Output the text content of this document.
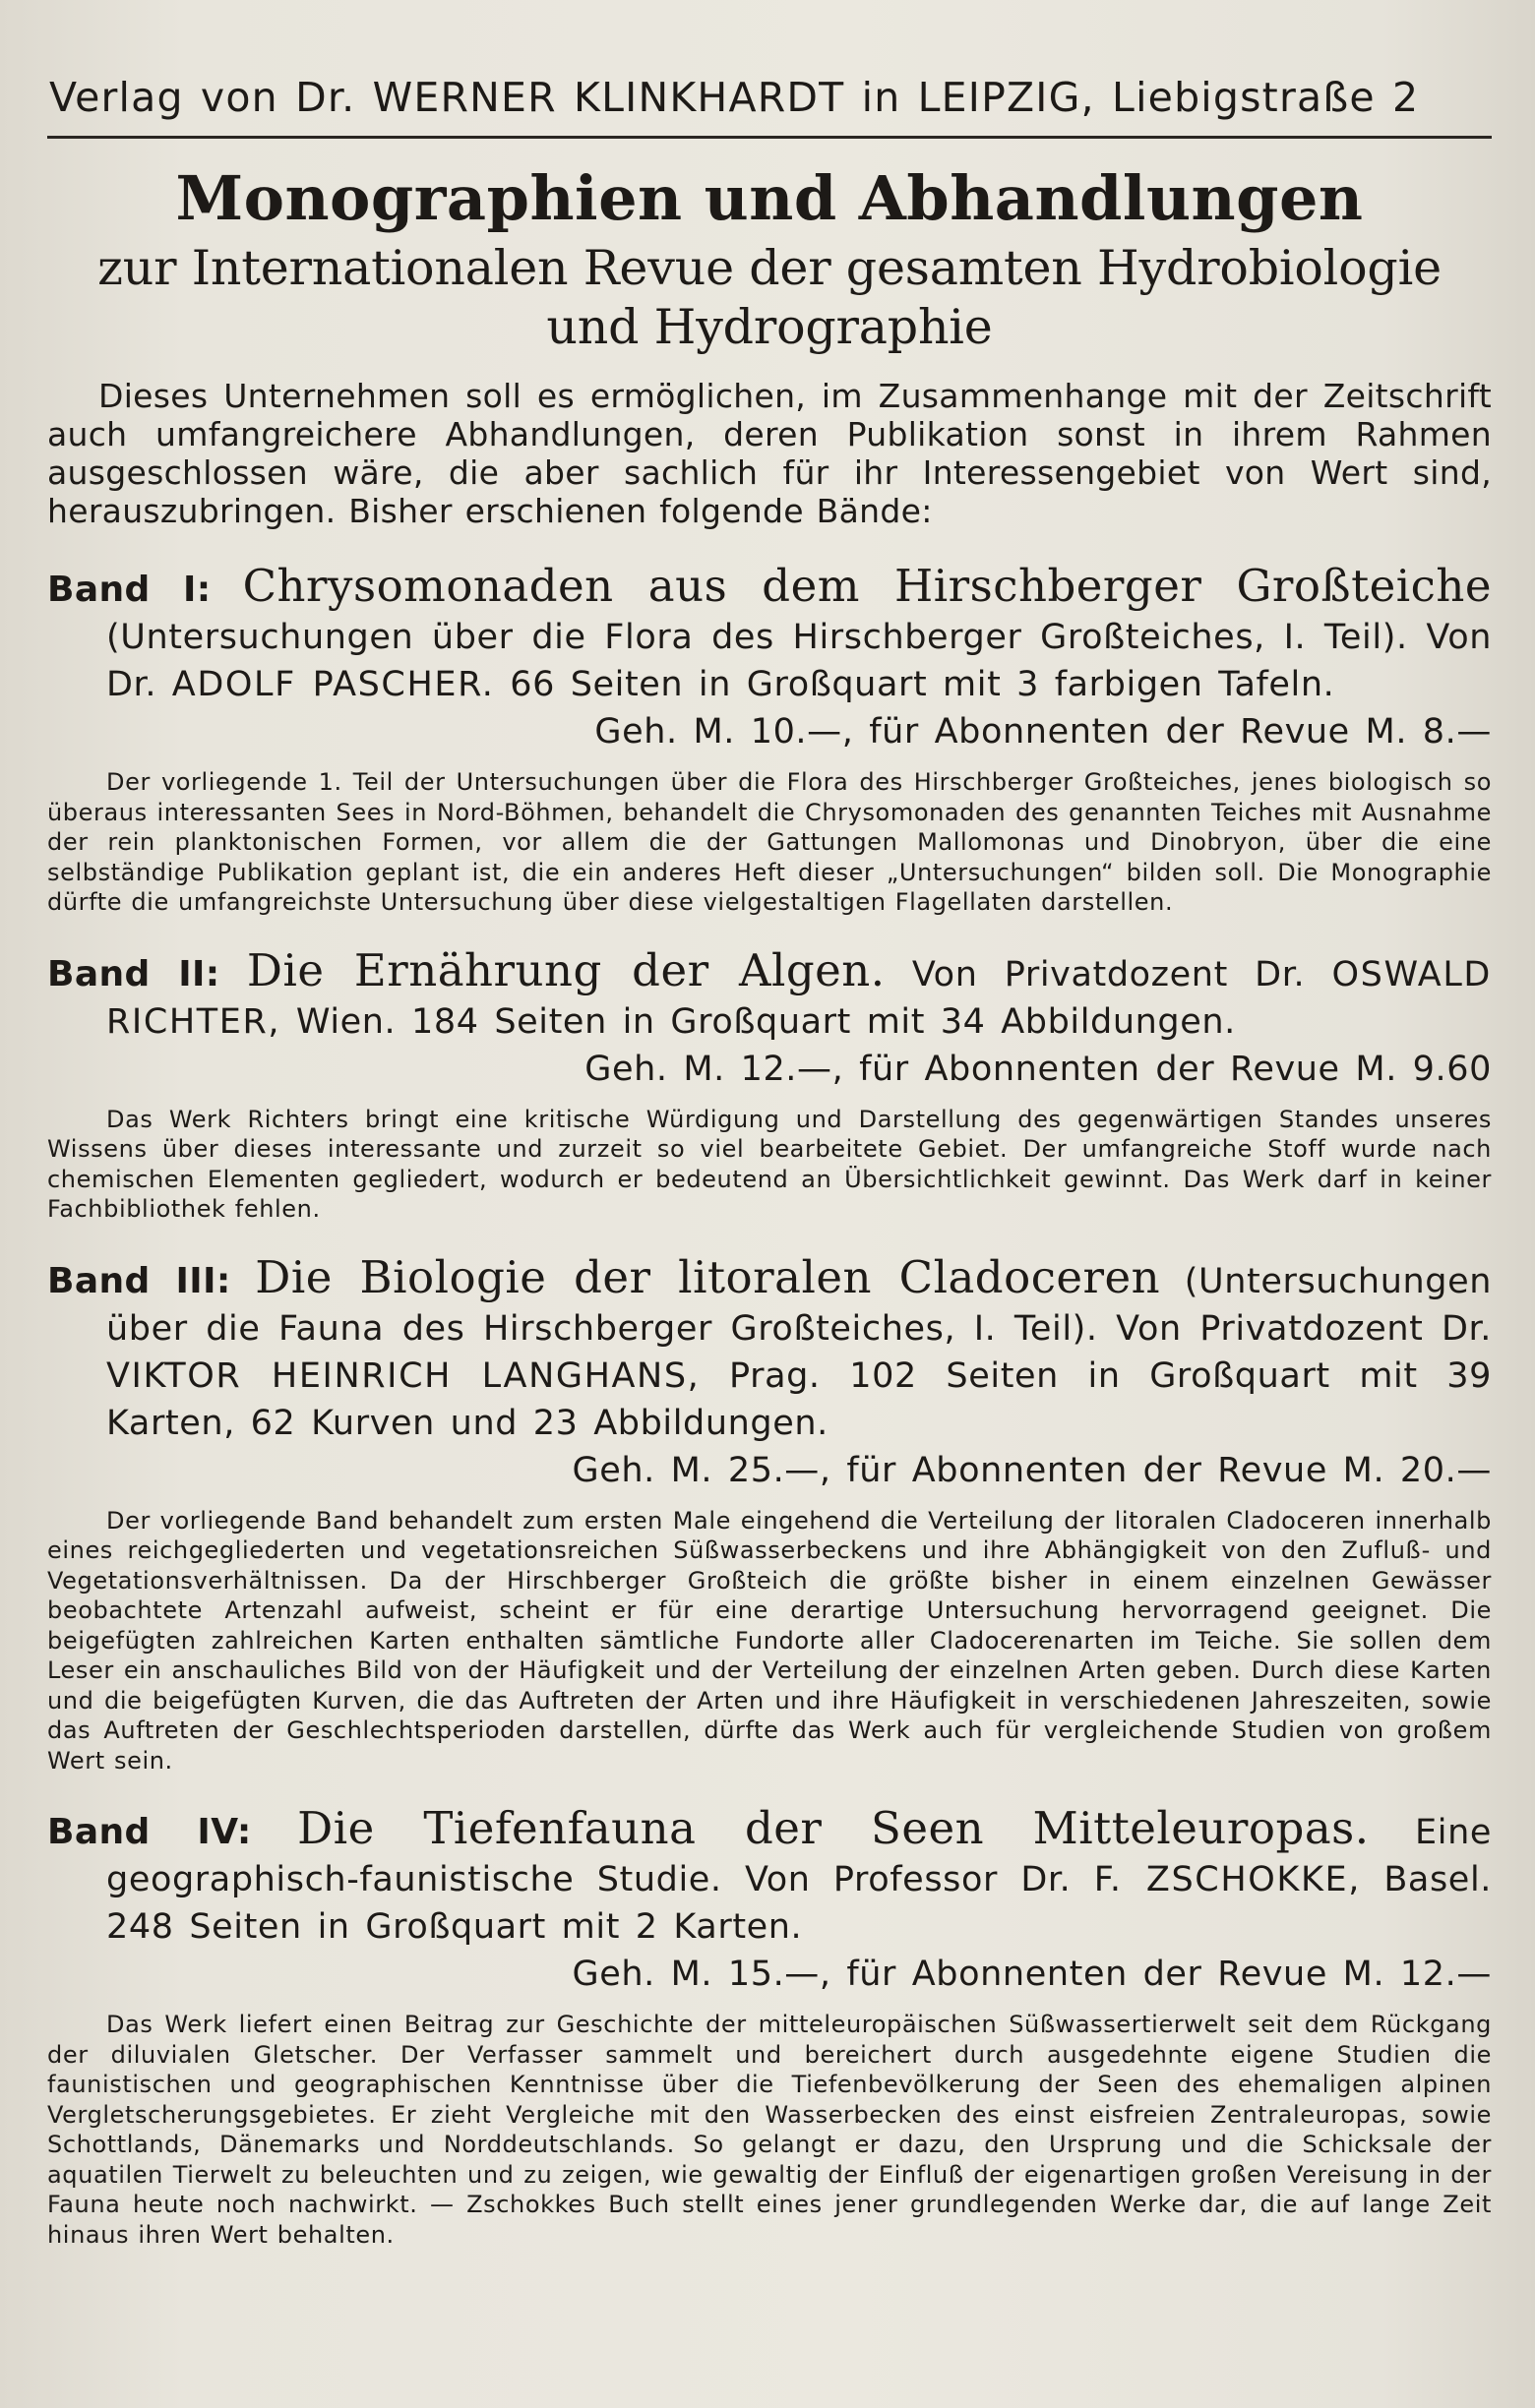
Verlag von Dr. WERNER KLINKHARDT in LEIPZIG, Liebigstraße 2
Monographien und Abhandlungen
zur Internationalen Revue der gesamten Hydrobiologie und Hydrographie

Dieses Unternehmen soll es ermöglichen, im Zusammenhange mit der Zeitschrift auch umfangreichere Abhandlungen, deren Publikation sonst in ihrem Rahmen ausgeschlossen wäre, die aber sachlich für ihr Interessengebiet von Wert sind, herauszubringen. Bisher erschienen folgende Bände:

Band I: Chrysomonaden aus dem Hirschberger Großteiche (Untersuchungen über die Flora des Hirschberger Großteiches, I. Teil). Von Dr. ADOLF PASCHER. 66 Seiten in Großquart mit 3 farbigen Tafeln.
Geh. M. 10.—, für Abonnenten der Revue M. 8.—

Der vorliegende 1. Teil der Untersuchungen über die Flora des Hirschberger Großteiches, jenes biologisch so überaus interessanten Sees in Nord-Böhmen, behandelt die Chrysomonaden des genannten Teiches mit Ausnahme der rein planktonischen Formen, vor allem die der Gattungen Mallomonas und Dinobryon, über die eine selbständige Publikation geplant ist, die ein anderes Heft dieser „Untersuchungen“ bilden soll. Die Monographie dürfte die umfangreichste Untersuchung über diese vielgestaltigen Flagellaten darstellen.

Band II: Die Ernährung der Algen. Von Privatdozent Dr. OSWALD RICHTER, Wien. 184 Seiten in Großquart mit 34 Abbildungen.
Geh. M. 12.—, für Abonnenten der Revue M. 9.60

Das Werk Richters bringt eine kritische Würdigung und Darstellung des gegenwärtigen Standes unseres Wissens über dieses interessante und zurzeit so viel bearbeitete Gebiet. Der umfangreiche Stoff wurde nach chemischen Elementen gegliedert, wodurch er bedeutend an Übersichtlichkeit gewinnt. Das Werk darf in keiner Fachbibliothek fehlen.

Band III: Die Biologie der litoralen Cladoceren (Untersuchungen über die Fauna des Hirschberger Großteiches, I. Teil). Von Privatdozent Dr. VIKTOR HEINRICH LANGHANS, Prag. 102 Seiten in Großquart mit 39 Karten, 62 Kurven und 23 Abbildungen.
Geh. M. 25.—, für Abonnenten der Revue M. 20.—

Der vorliegende Band behandelt zum ersten Male eingehend die Verteilung der litoralen Cladoceren innerhalb eines reichgegliederten und vegetationsreichen Süßwasserbeckens und ihre Abhängigkeit von den Zufluß- und Vegetationsverhältnissen. Da der Hirschberger Großteich die größte bisher in einem einzelnen Gewässer beobachtete Artenzahl aufweist, scheint er für eine derartige Untersuchung hervorragend geeignet. Die beigefügten zahlreichen Karten enthalten sämtliche Fundorte aller Cladocerenarten im Teiche. Sie sollen dem Leser ein anschauliches Bild von der Häufigkeit und der Verteilung der einzelnen Arten geben. Durch diese Karten und die beigefügten Kurven, die das Auftreten der Arten und ihre Häufigkeit in verschiedenen Jahreszeiten, sowie das Auftreten der Geschlechtsperioden darstellen, dürfte das Werk auch für vergleichende Studien von großem Wert sein.

Band IV: Die Tiefenfauna der Seen Mitteleuropas. Eine geographisch-faunistische Studie. Von Professor Dr. F. ZSCHOKKE, Basel. 248 Seiten in Großquart mit 2 Karten.
Geh. M. 15.—, für Abonnenten der Revue M. 12.—

Das Werk liefert einen Beitrag zur Geschichte der mitteleuropäischen Süßwassertierwelt seit dem Rückgang der diluvialen Gletscher. Der Verfasser sammelt und bereichert durch ausgedehnte eigene Studien die faunistischen und geographischen Kenntnisse über die Tiefenbevölkerung der Seen des ehemaligen alpinen Vergletscherungsgebietes. Er zieht Vergleiche mit den Wasserbecken des einst eisfreien Zentraleuropas, sowie Schottlands, Dänemarks und Norddeutschlands. So gelangt er dazu, den Ursprung und die Schicksale der aquatilen Tierwelt zu beleuchten und zu zeigen, wie gewaltig der Einfluß der eigenartigen großen Vereisung in der Fauna heute noch nachwirkt. — Zschokkes Buch stellt eines jener grundlegenden Werke dar, die auf lange Zeit hinaus ihren Wert behalten.
